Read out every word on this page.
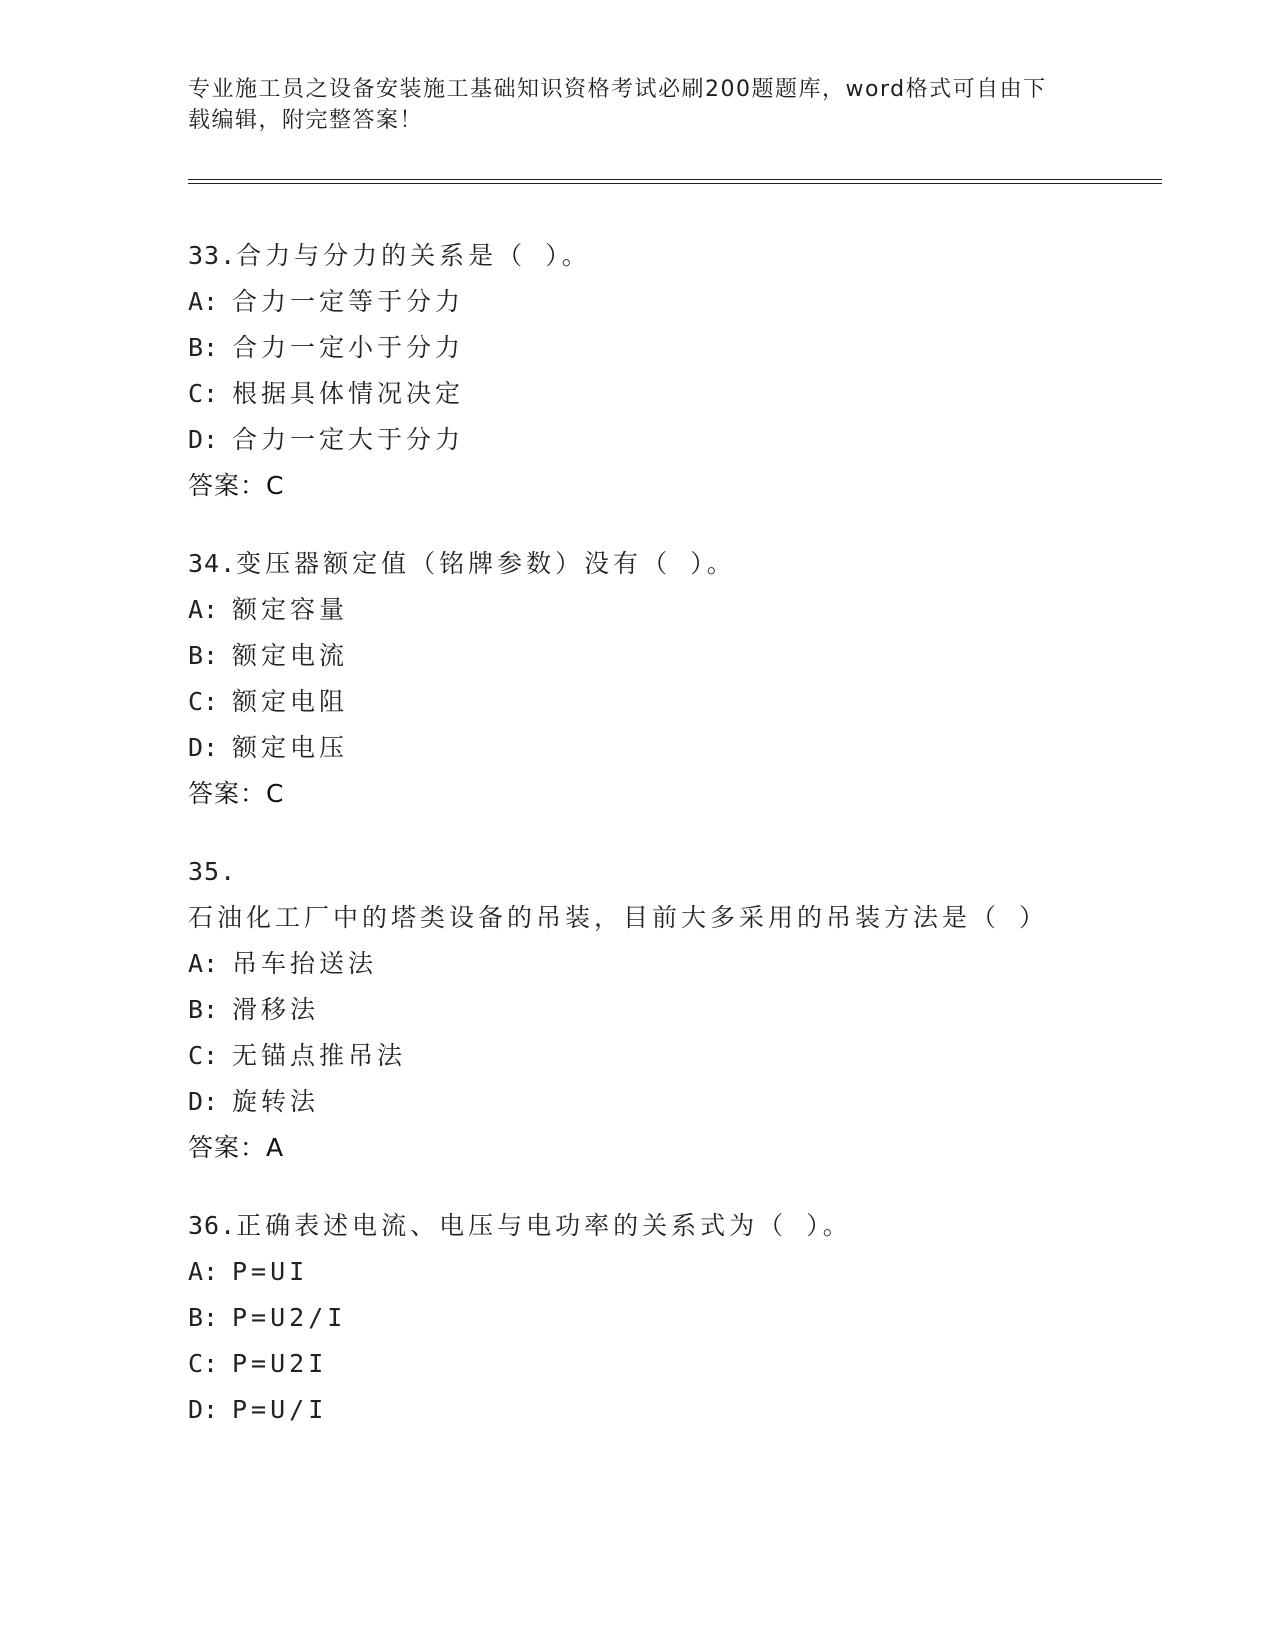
专业施工员之设备安装施工基础知识资格考试必刷200题题库，word格式可自由下载编辑，附完整答案！
33.合力与分力的关系是（ ）。
A: 合力一定等于分力
B: 合力一定小于分力
C: 根据具体情况决定
D: 合力一定大于分力
答案：C
34.变压器额定值（铭牌参数）没有（ ）。
A: 额定容量
B: 额定电流
C: 额定电阻
D: 额定电压
答案：C
35.石油化工厂中的塔类设备的吊装，目前大多采用的吊装方法是（ ）
A: 吊车抬送法
B: 滑移法
C: 无锚点推吊法
D: 旋转法
答案：A
36.正确表述电流、电压与电功率的关系式为（ ）。
A: P=UI
B: P=U2/I
C: P=U2I
D: P=U/I
